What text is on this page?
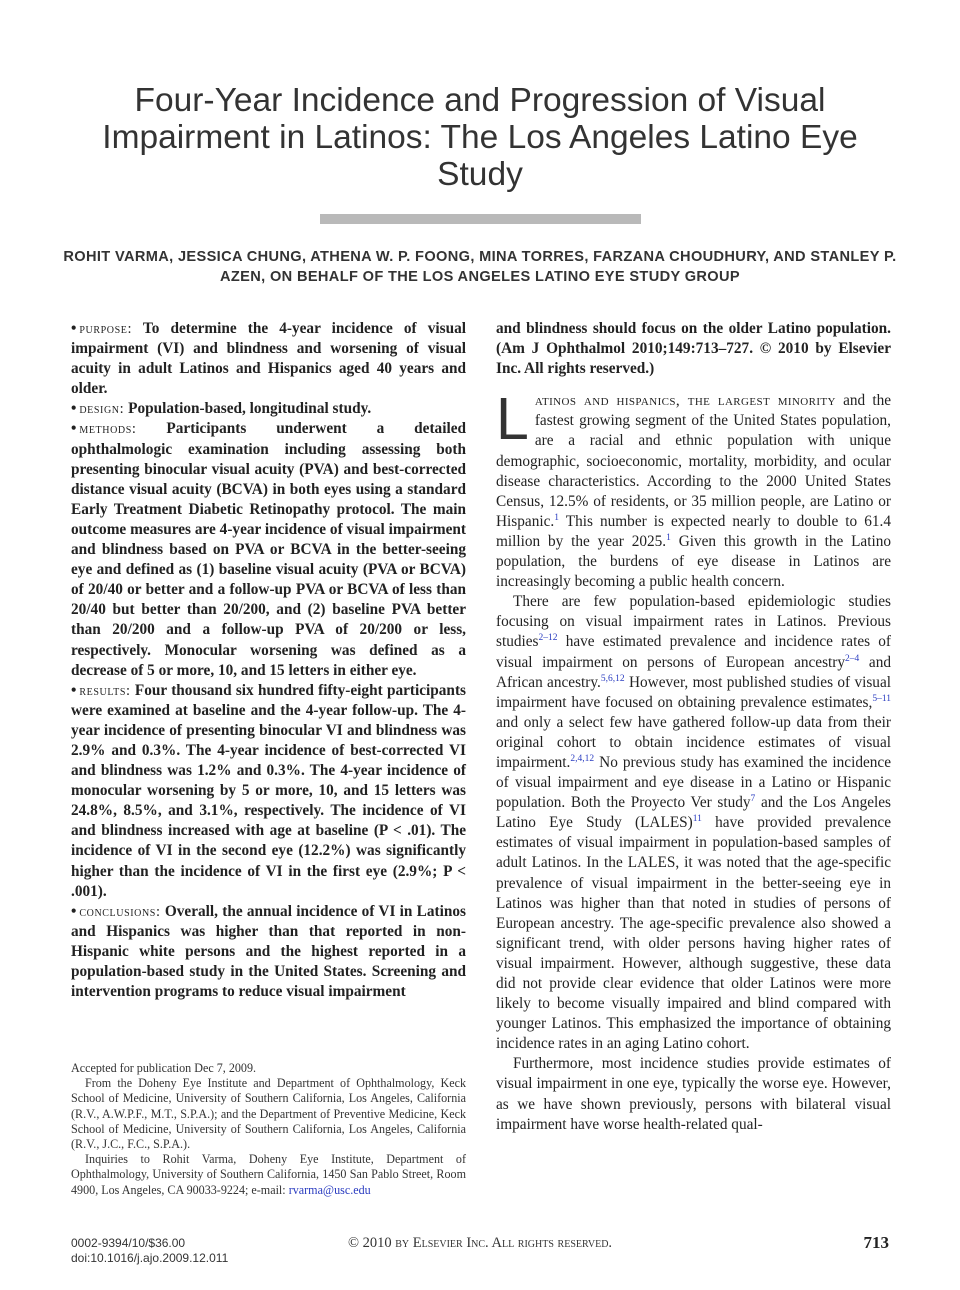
Four-Year Incidence and Progression of Visual Impairment in Latinos: The Los Angeles Latino Eye Study
ROHIT VARMA, JESSICA CHUNG, ATHENA W. P. FOONG, MINA TORRES, FARZANA CHOUDHURY, AND STANLEY P. AZEN, ON BEHALF OF THE LOS ANGELES LATINO EYE STUDY GROUP

• purpose: To determine the 4-year incidence of visual impairment (VI) and blindness and worsening of visual acuity in adult Latinos and Hispanics aged 40 years and older.

• design: Population-based, longitudinal study.

• methods: Participants underwent a detailed ophthalmologic examination including assessing both presenting binocular visual acuity (PVA) and best-corrected distance visual acuity (BCVA) in both eyes using a standard Early Treatment Diabetic Retinopathy protocol. The main outcome measures are 4-year incidence of visual impairment and blindness based on PVA or BCVA in the better-seeing eye and defined as (1) baseline visual acuity (PVA or BCVA) of 20/40 or better and a follow-up PVA or BCVA of less than 20/40 but better than 20/200, and (2) baseline PVA better than 20/200 and a follow-up PVA of 20/200 or less, respectively. Monocular worsening was defined as a decrease of 5 or more, 10, and 15 letters in either eye.

• results: Four thousand six hundred fifty-eight participants were examined at baseline and the 4-year follow-up. The 4-year incidence of presenting binocular VI and blindness was 2.9% and 0.3%. The 4-year incidence of best-corrected VI and blindness was 1.2% and 0.3%. The 4-year incidence of monocular worsening by 5 or more, 10, and 15 letters was 24.8%, 8.5%, and 3.1%, respectively. The incidence of VI and blindness increased with age at baseline (P < .01). The incidence of VI in the second eye (12.2%) was significantly higher than the incidence of VI in the first eye (2.9%; P < .001).

• conclusions: Overall, the annual incidence of VI in Latinos and Hispanics was higher than that reported in non-Hispanic white persons and the highest reported in a population-based study in the United States. Screening and intervention programs to reduce visual impairment

and blindness should focus on the older Latino population. (Am J Ophthalmol 2010;149:713–727. © 2010 by Elsevier Inc. All rights reserved.)

Latinos and hispanics, the largest minority and the fastest growing segment of the United States population, are a racial and ethnic population with unique demographic, socioeconomic, mortality, morbidity, and ocular disease characteristics. According to the 2000 United States Census, 12.5% of residents, or 35 million people, are Latino or Hispanic.$^1$ This number is expected nearly to double to 61.4 million by the year 2025.$^1$ Given this growth in the Latino population, the burdens of eye disease in Latinos are increasingly becoming a public health concern.

There are few population-based epidemiologic studies focusing on visual impairment rates in Latinos. Previous studies$^{2-12}$ have estimated prevalence and incidence rates of visual impairment on persons of European ancestry$^{2-4}$ and African ancestry.$^{5,6,12}$ However, most published studies of visual impairment have focused on obtaining prevalence estimates,$^{5-11}$ and only a select few have gathered follow-up data from their original cohort to obtain incidence estimates of visual impairment.$^{2,4,12}$ No previous study has examined the incidence of visual impairment and eye disease in a Latino or Hispanic population. Both the Proyecto Ver study$^7$ and the Los Angeles Latino Eye Study (LALES)$^{11}$ have provided prevalence estimates of visual impairment in population-based samples of adult Latinos. In the LALES, it was noted that the age-specific prevalence of visual impairment in the better-seeing eye in Latinos was higher than that noted in studies of persons of European ancestry. The age-specific prevalence also showed a significant trend, with older persons having higher rates of visual impairment. However, although suggestive, these data did not provide clear evidence that older Latinos were more likely to become visually impaired and blind compared with younger Latinos. This emphasized the importance of obtaining incidence rates in an aging Latino cohort.

Furthermore, most incidence studies provide estimates of visual impairment in one eye, typically the worse eye. However, as we have shown previously, persons with bilateral visual impairment have worse health-related qual-

Accepted for publication Dec 7, 2009.

From the Doheny Eye Institute and Department of Ophthalmology, Keck School of Medicine, University of Southern California, Los Angeles, California (R.V., A.W.P.F., M.T., S.P.A.); and the Department of Preventive Medicine, Keck School of Medicine, University of Southern California, Los Angeles, California (R.V., J.C., F.C., S.P.A.).

Inquiries to Rohit Varma, Doheny Eye Institute, Department of Ophthalmology, University of Southern California, 1450 San Pablo Street, Room 4900, Los Angeles, CA 90033-9224; e-mail: rvarma@usc.edu

0002-9394/10/$36.00
doi:10.1016/j.ajo.2009.12.011
© 2010 by Elsevier Inc. All rights reserved.	713
